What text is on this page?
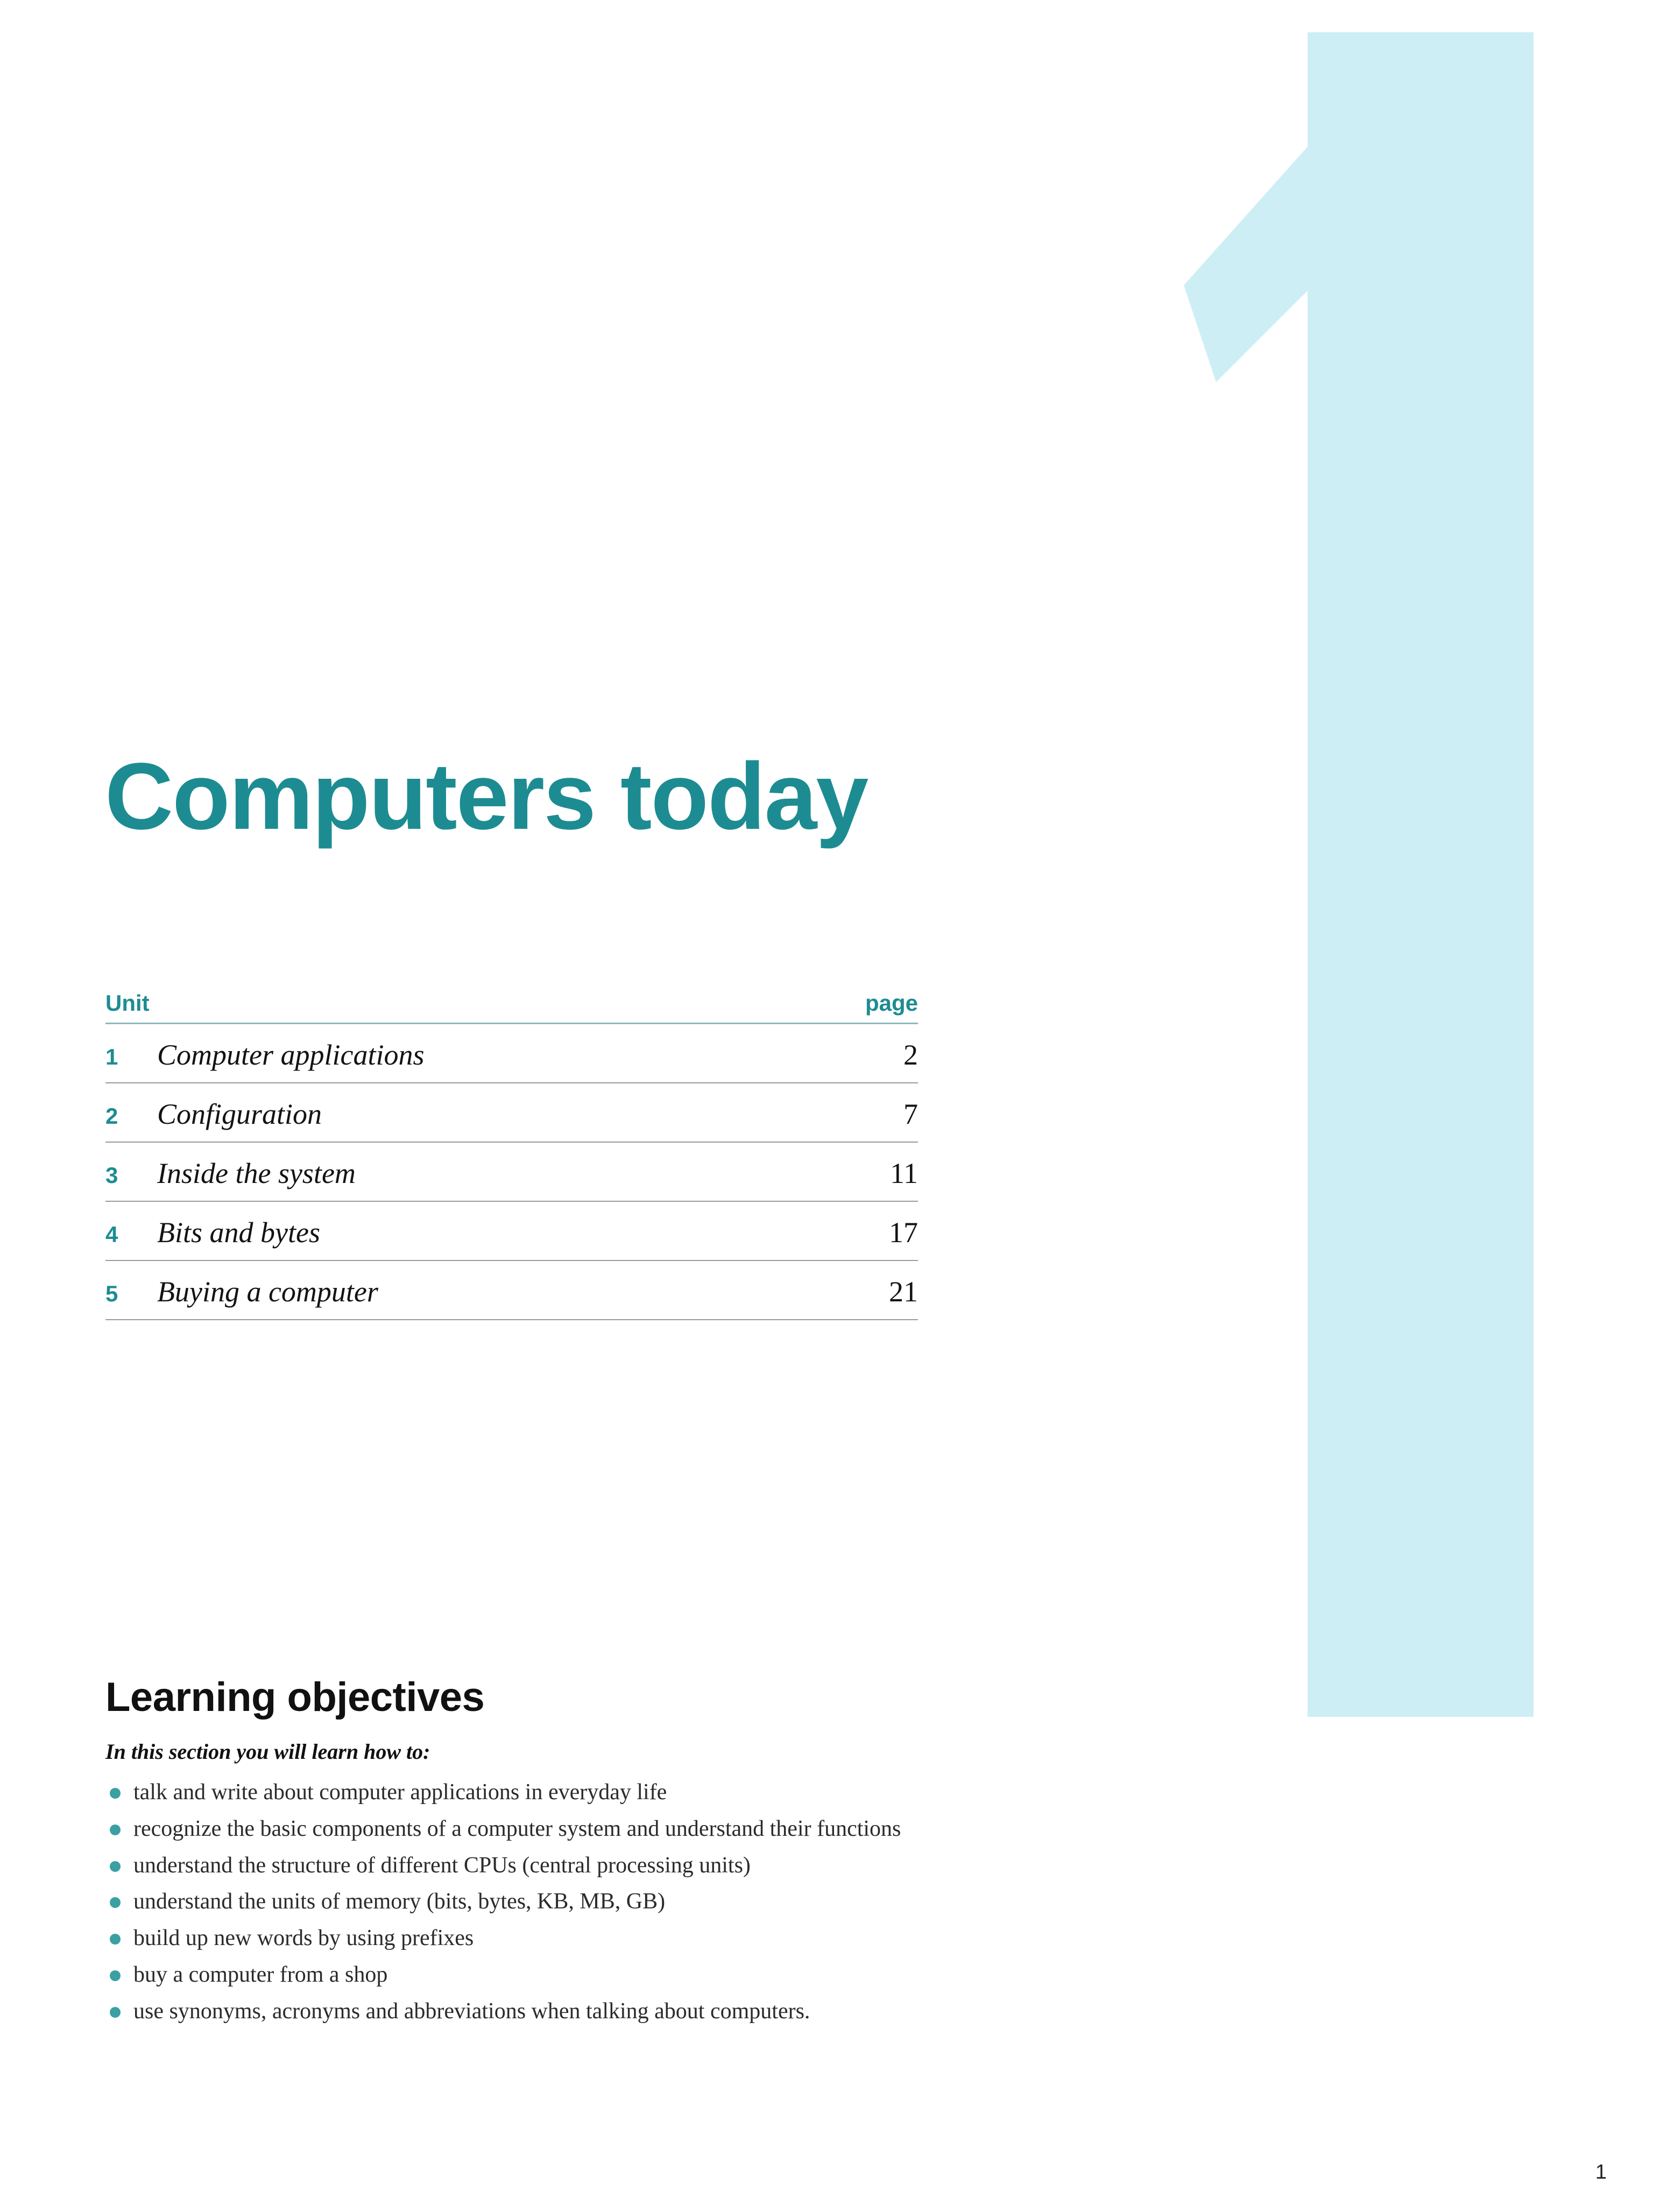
Computers today
Unit	page
1	Computer applications	2
2	Configuration	7
3	Inside the system	11
4	Bits and bytes	17
5	Buying a computer	21
Learning objectives
In this section you will learn how to:
talk and write about computer applications in everyday life
recognize the basic components of a computer system and understand their functions
understand the structure of different CPUs (central processing units)
understand the units of memory (bits, bytes, KB, MB, GB)
build up new words by using prefixes
buy a computer from a shop
use synonyms, acronyms and abbreviations when talking about computers.
1
